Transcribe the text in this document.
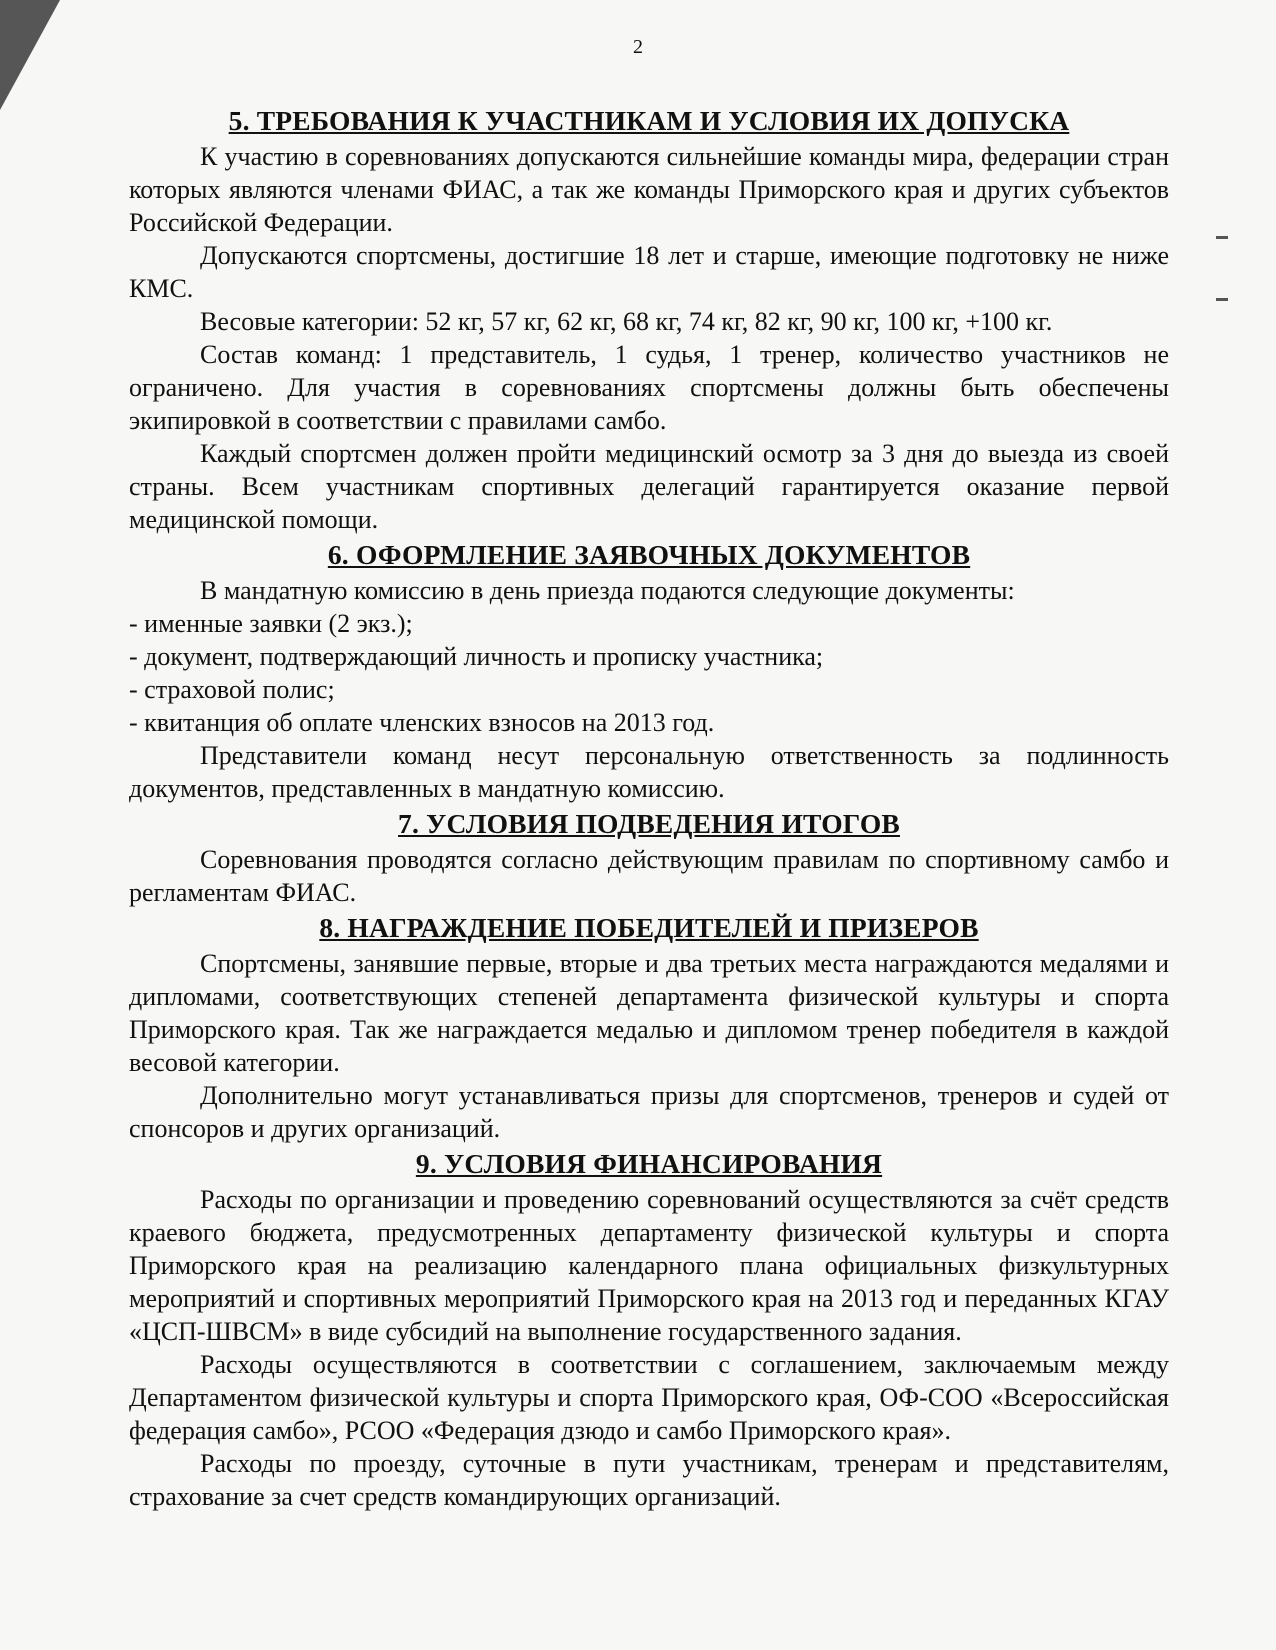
2
5. ТРЕБОВАНИЯ К УЧАСТНИКАМ И УСЛОВИЯ ИХ ДОПУСКА

К участию в соревнованиях допускаются сильнейшие команды мира, федерации стран которых являются членами ФИАС, а так же команды Приморского края и других субъектов Российской Федерации.

Допускаются спортсмены, достигшие 18 лет и старше, имеющие подготовку не ниже КМС.

Весовые категории: 52 кг, 57 кг, 62 кг, 68 кг, 74 кг, 82 кг, 90 кг, 100 кг, +100 кг.

Состав команд: 1 представитель, 1 судья, 1 тренер, количество участников не ограничено. Для участия в соревнованиях спортсмены должны быть обеспечены экипировкой в соответствии с правилами самбо.

Каждый спортсмен должен пройти медицинский осмотр за 3 дня до выезда из своей страны. Всем участникам спортивных делегаций гарантируется оказание первой медицинской помощи.

6. ОФОРМЛЕНИЕ ЗАЯВОЧНЫХ ДОКУМЕНТОВ

В мандатную комиссию в день приезда подаются следующие документы:

- именные заявки (2 экз.);

- документ, подтверждающий личность и прописку участника;

- страховой полис;

- квитанция об оплате членских взносов на 2013 год.

Представители команд несут персональную ответственность за подлинность документов, представленных в мандатную комиссию.

7. УСЛОВИЯ ПОДВЕДЕНИЯ ИТОГОВ

Соревнования проводятся согласно действующим правилам по спортивному самбо и регламентам ФИАС.

8. НАГРАЖДЕНИЕ ПОБЕДИТЕЛЕЙ И ПРИЗЕРОВ

Спортсмены, занявшие первые, вторые и два третьих места награждаются медалями и дипломами, соответствующих степеней департамента физической культуры и спорта Приморского края. Так же награждается медалью и дипломом тренер победителя в каждой весовой категории.

Дополнительно могут устанавливаться призы для спортсменов, тренеров и судей от спонсоров и других организаций.

9. УСЛОВИЯ ФИНАНСИРОВАНИЯ

Расходы по организации и проведению соревнований осуществляются за счёт средств краевого бюджета, предусмотренных департаменту физической культуры и спорта Приморского края на реализацию календарного плана официальных физкультурных мероприятий и спортивных мероприятий Приморского края на 2013 год и переданных КГАУ «ЦСП-ШВСМ» в виде субсидий на выполнение государственного задания.

Расходы осуществляются в соответствии с соглашением, заключаемым между Департаментом физической культуры и спорта Приморского края, ОФ-СОО «Всероссийская федерация самбо», РСОО «Федерация дзюдо и самбо Приморского края».

Расходы по проезду, суточные в пути участникам, тренерам и представителям, страхование за счет средств командирующих организаций.
